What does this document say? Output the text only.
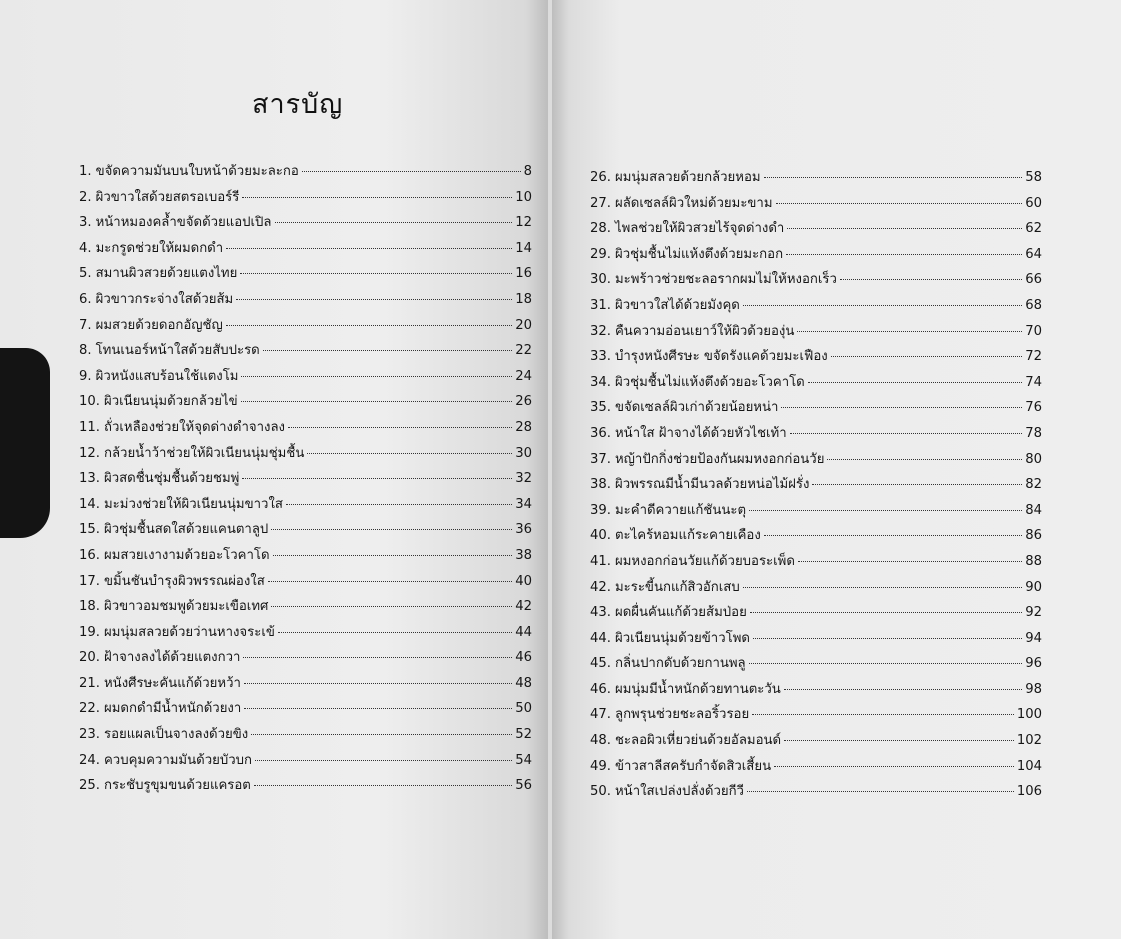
สารบัญ
1. ขจัดความมันบนใบหน้าด้วยมะละกอ	8
2. ผิวขาวใสด้วยสตรอเบอร์รี	10
3. หน้าหมองคล้ำขจัดด้วยแอปเปิล	12
4. มะกรูดช่วยให้ผมดกดำ	14
5. สมานผิวสวยด้วยแตงไทย	16
6. ผิวขาวกระจ่างใสด้วยส้ม	18
7. ผมสวยด้วยดอกอัญชัญ	20
8. โทนเนอร์หน้าใสด้วยสับปะรด	22
9. ผิวหนังแสบร้อนใช้แตงโม	24
10. ผิวเนียนนุ่มด้วยกล้วยไข่	26
11. ถั่วเหลืองช่วยให้จุดด่างดำจางลง	28
12. กล้วยน้ำว้าช่วยให้ผิวเนียนนุ่มชุ่มชื้น	30
13. ผิวสดชื่นชุ่มชื้นด้วยชมพู่	32
14. มะม่วงช่วยให้ผิวเนียนนุ่มขาวใส	34
15. ผิวชุ่มชื้นสดใสด้วยแคนตาลูป	36
16. ผมสวยเงางามด้วยอะโวคาโด	38
17. ขมิ้นชันบำรุงผิวพรรณผ่องใส	40
18. ผิวขาวอมชมพูด้วยมะเขือเทศ	42
19. ผมนุ่มสลวยด้วยว่านหางจระเข้	44
20. ฝ้าจางลงได้ด้วยแตงกวา	46
21. หนังศีรษะคันแก้ด้วยหว้า	48
22. ผมดกดำมีน้ำหนักด้วยงา	50
23. รอยแผลเป็นจางลงด้วยขิง	52
24. ควบคุมความมันด้วยบัวบก	54
25. กระชับรูขุมขนด้วยแครอต	56
26. ผมนุ่มสลวยด้วยกล้วยหอม	58
27. ผลัดเซลล์ผิวใหม่ด้วยมะขาม	60
28. ไพลช่วยให้ผิวสวยไร้จุดด่างดำ	62
29. ผิวชุ่มชื้นไม่แห้งตึงด้วยมะกอก	64
30. มะพร้าวช่วยชะลอรากผมไม่ให้หงอกเร็ว	66
31. ผิวขาวใสได้ด้วยมังคุด	68
32. คืนความอ่อนเยาว์ให้ผิวด้วยองุ่น	70
33. บำรุงหนังศีรษะ ขจัดรังแคด้วยมะเฟือง	72
34. ผิวชุ่มชื้นไม่แห้งตึงด้วยอะโวคาโด	74
35. ขจัดเซลล์ผิวเก่าด้วยน้อยหน่า	76
36. หน้าใส ฝ้าจางได้ด้วยหัวไชเท้า	78
37. หญ้าปักกิ่งช่วยป้องกันผมหงอกก่อนวัย	80
38. ผิวพรรณมีน้ำมีนวลด้วยหน่อไม้ฝรั่ง	82
39. มะคำดีควายแก้ชันนะตุ	84
40. ตะไคร้หอมแก้ระคายเคือง	86
41. ผมหงอกก่อนวัยแก้ด้วยบอระเพ็ด	88
42. มะระขี้นกแก้สิวอักเสบ	90
43. ผดผื่นคันแก้ด้วยส้มป่อย	92
44. ผิวเนียนนุ่มด้วยข้าวโพด	94
45. กลิ่นปากดับด้วยกานพลู	96
46. ผมนุ่มมีน้ำหนักด้วยทานตะวัน	98
47. ลูกพรุนช่วยชะลอริ้วรอย	100
48. ชะลอผิวเหี่ยวย่นด้วยอัลมอนด์	102
49. ข้าวสาลีสครับกำจัดสิวเสี้ยน	104
50. หน้าใสเปล่งปลั่งด้วยกีวี	106
